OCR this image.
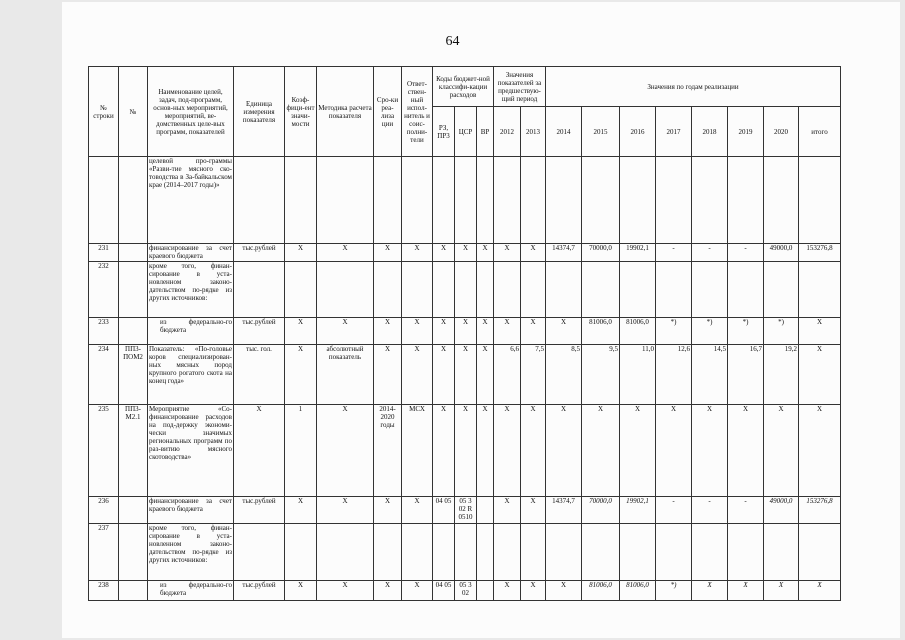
64
№ строки	№	Наименование целей, задач, под-программ, основ-ных мероприятий, мероприятий, ве-домственных целе-вых программ, показателей	Единица измерения показателя	Коэф-фици-ент значи-мости	Методика расчета показателя	Сро-ки реа-лиза ции	Ответ-ствен-ный испол-нитель и соис-полни-тели	Коды бюджет-ной классифи-кации расходов			Значения показателей за предшествую-щий период		Значения по годам реализации							
								РЗ, ПР3	ЦСР	ВР	2012	2013	2014	2015	2016	2017	2018	2019	2020	итого
		целевой про-граммы «Разви-тие мясного ско-товодства в За-байкальском крае (2014–2017 годы)»																		
231		финансирование за счет краевого бюджета	тыс.рублей	Х	Х	Х	Х	Х	Х	Х	Х	Х	14374,7	70000,0	19902,1	-	-	-	49000,0	153276,8
232		кроме того, финан-сирование в уста-новленном законо-дательством по-рядке из других источников:																		
233		из федерально-го бюджета	тыс.рублей	Х	Х	Х	Х	Х	Х	Х	Х	Х	Х	81006,0	81006,0	*)	*)	*)	*)	Х
234	ПП3-ПОМ2	Показатель: «По-головье коров специализирован-ных мясных пород крупного рогатого скота на конец года»	тыс. гол.	Х	абсолютный показатель	Х	Х	Х	Х	Х	6,6	7,5	8,5	9,5	11,0	12,6	14,5	16,7	19,2	Х
235	ПП3-М2.1	Мероприятие «Со-финансирование расходов на под-держку экономи-чески значимых региональных программ по раз-витию мясного скотоводства»	Х	1	Х	2014-2020 годы	МСХ	Х	Х	Х	Х	Х	Х	Х	Х	Х	Х	Х	Х	Х
236		финансирование за счет краевого бюджета	тыс.рублей	Х	Х	Х	Х	04 05	05 3 02 R 0510		Х	Х	14374,7	70000,0	19902,1	-	-	-	49000,0	153276,8
237		кроме того, финан-сирование в уста-новленном законо-дательством по-рядке из других источников:																		
238		из федерально-го бюджета	тыс.рублей	Х	Х	Х	Х	04 05	05 3 02		Х	Х	Х	81006,0	81006,0	*)	Х	Х	Х	Х
